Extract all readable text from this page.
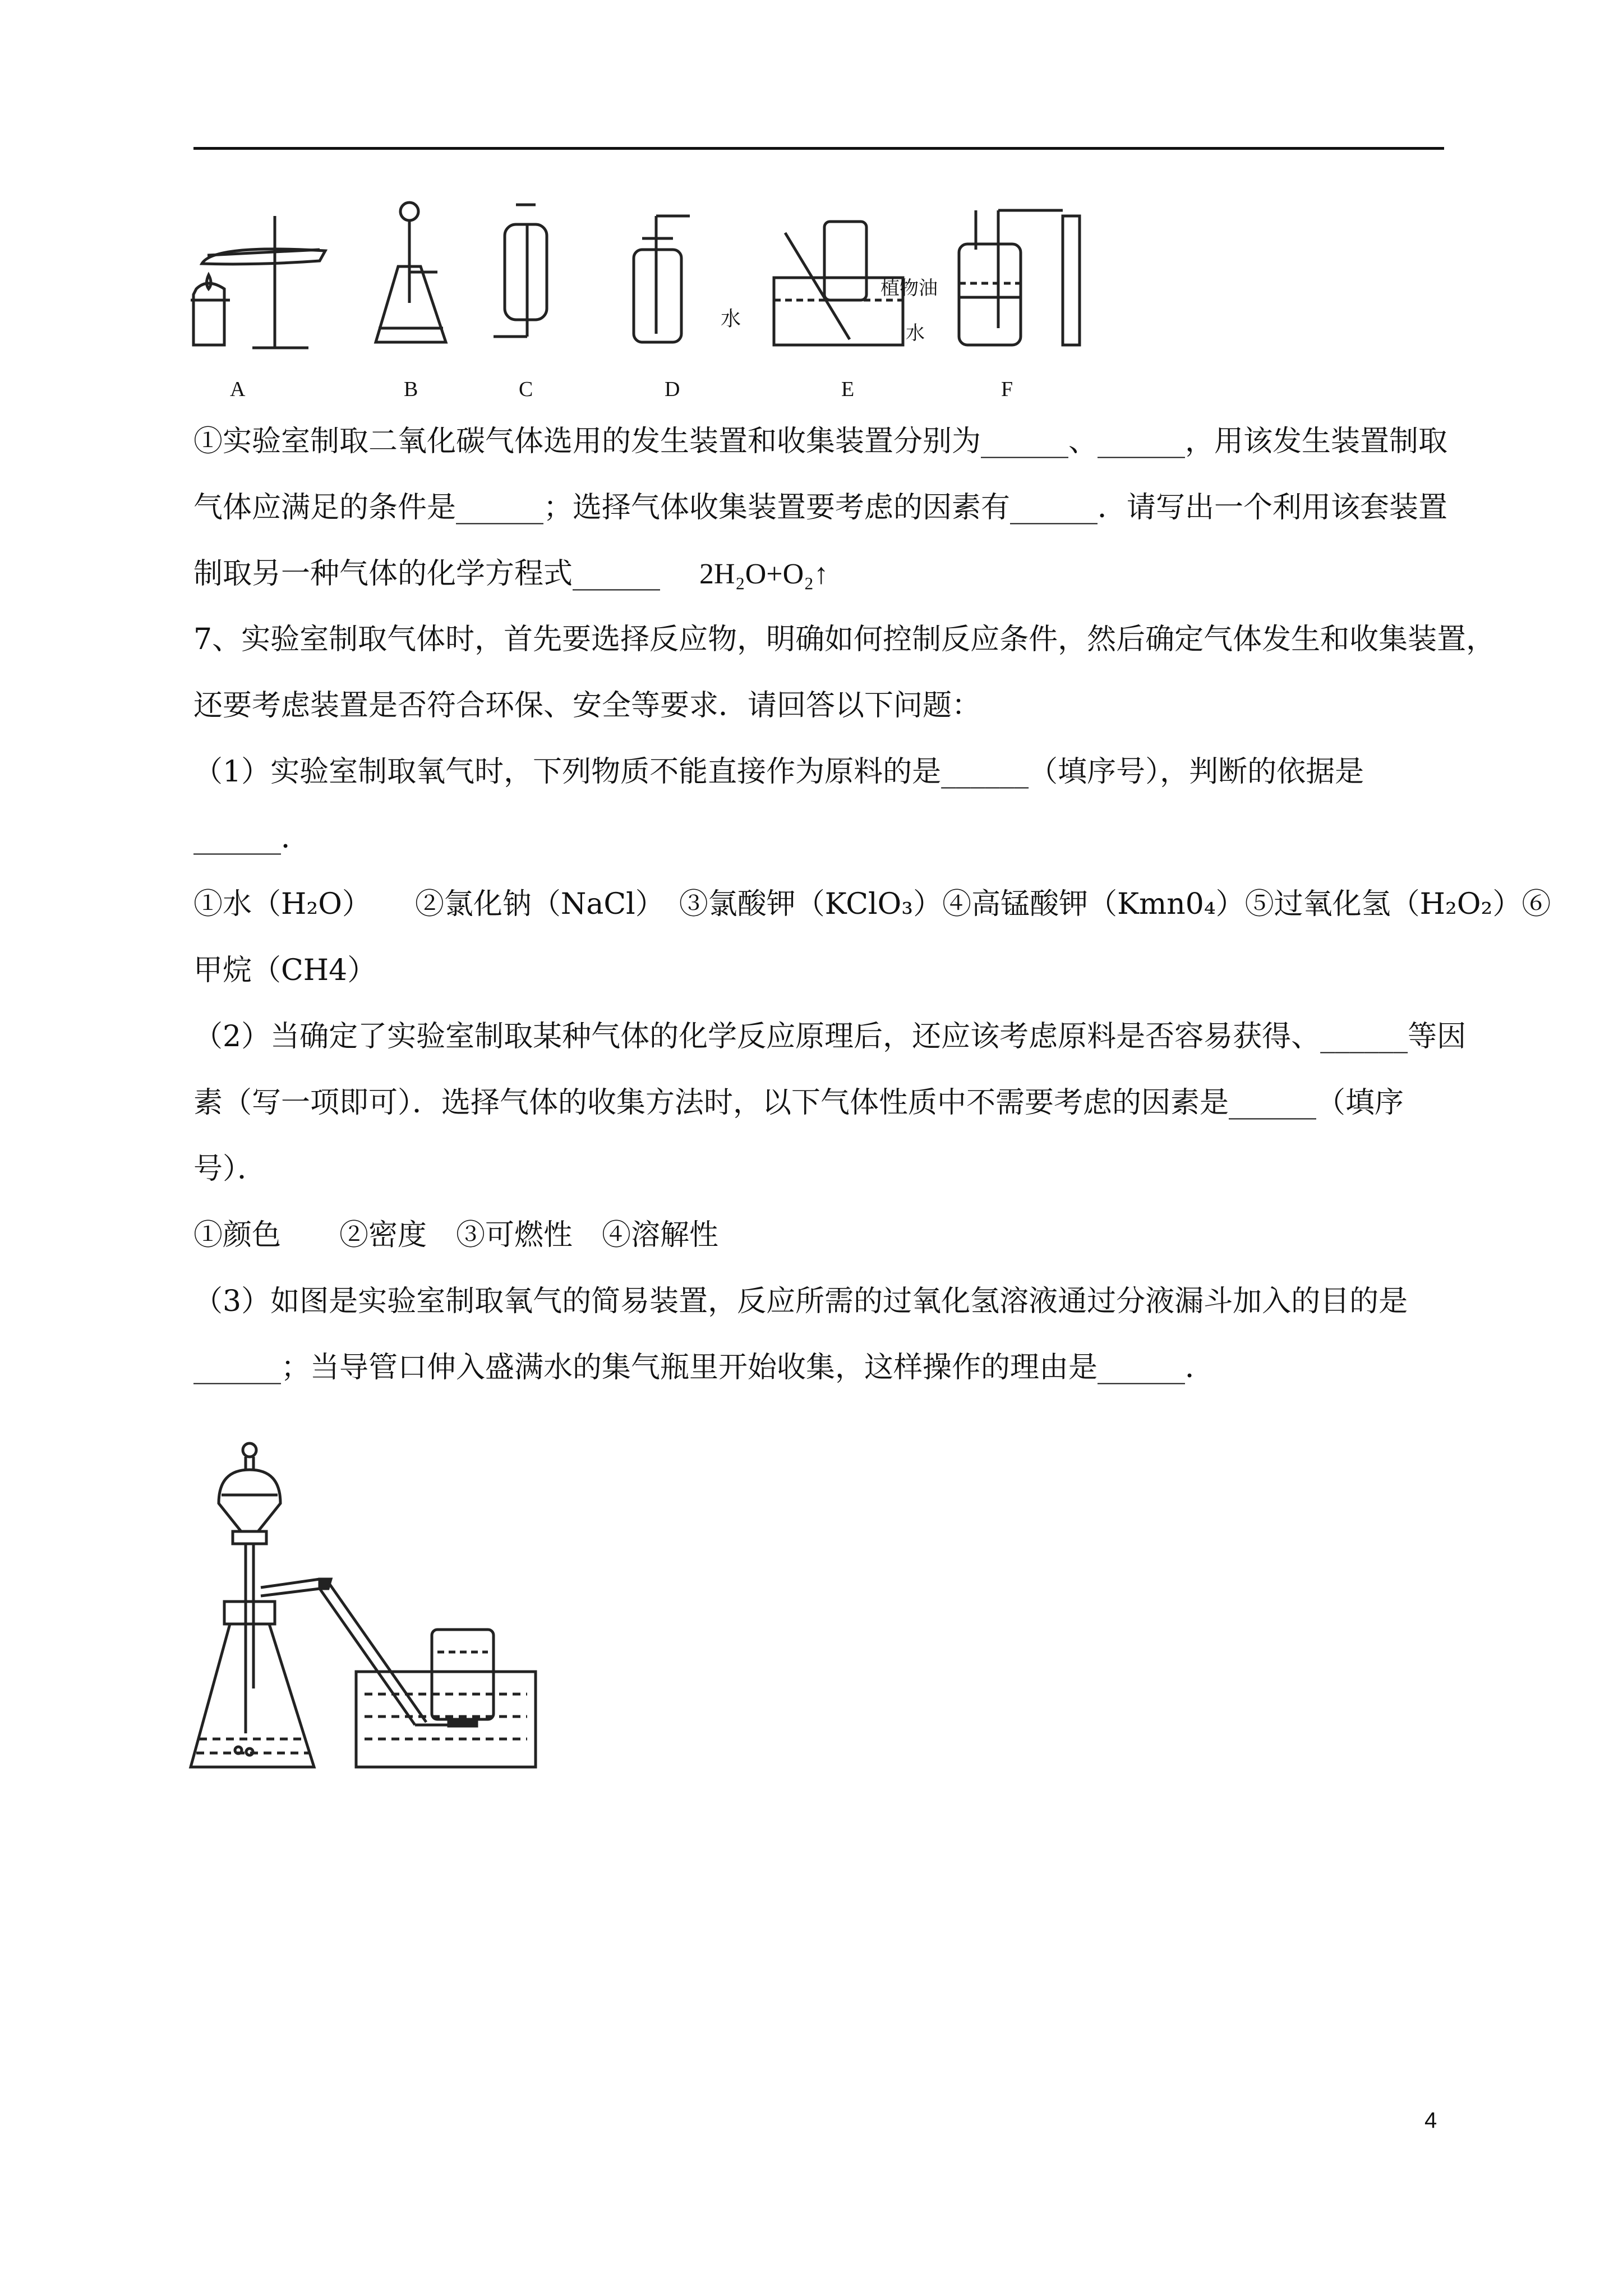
水
植物油
水
A	B	C	D	E	F
①实验室制取二氧化碳气体选用的发生装置和收集装置分别为______、______，用该发生装置制取
气体应满足的条件是______；选择气体收集装置要考虑的因素有______．请写出一个利用该套装置
制取另一种气体的化学方程式______ 2H₂O+O₂↑
7、实验室制取气体时，首先要选择反应物，明确如何控制反应条件，然后确定气体发生和收集装置，
还要考虑装置是否符合环保、安全等要求．请回答以下问题：
（1）实验室制取氧气时，下列物质不能直接作为原料的是______（填序号），判断的依据是
______．
①水（H₂O）　　②氯化钠（NaCl）　③氯酸钾（KClO₃）④高锰酸钾（Kmn0₄）⑤过氧化氢（H₂O₂）⑥
甲烷（CH4）
（2）当确定了实验室制取某种气体的化学反应原理后，还应该考虑原料是否容易获得、______等因
素（写一项即可）．选择气体的收集方法时，以下气体性质中不需要考虑的因素是______（填序
号）．
①颜色　　②密度　③可燃性　④溶解性
（3）如图是实验室制取氧气的简易装置，反应所需的过氧化氢溶液通过分液漏斗加入的目的是
______；当导管口伸入盛满水的集气瓶里开始收集，这样操作的理由是______．
4
